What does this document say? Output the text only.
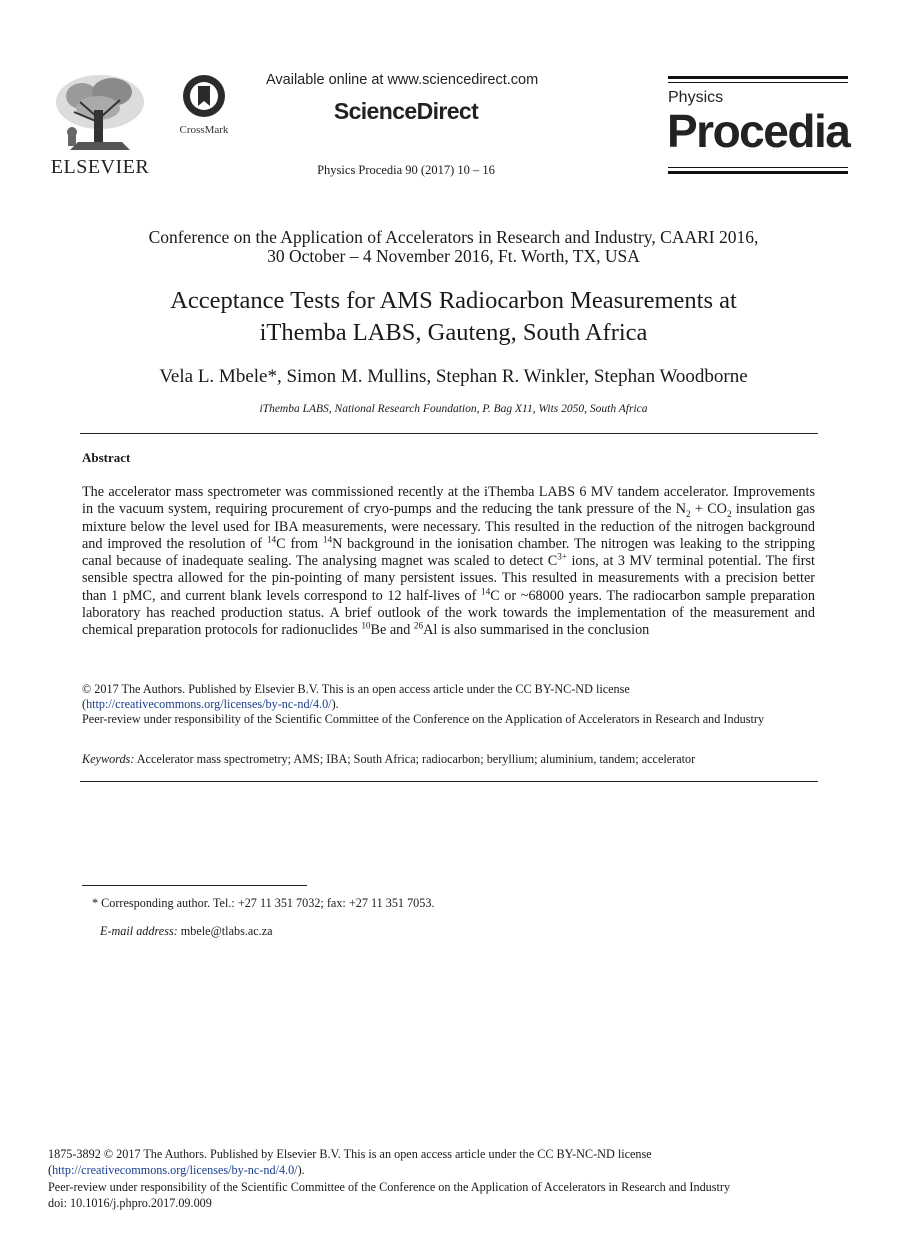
ELSEVIER
CrossMark
Available online at www.sciencedirect.com
ScienceDirect
Physics Procedia 90 (2017) 10 – 16
Physics
Procedia
Conference on the Application of Accelerators in Research and Industry, CAARI 2016,
30 October – 4 November 2016, Ft. Worth, TX, USA
Acceptance Tests for AMS Radiocarbon Measurements at
iThemba LABS, Gauteng, South Africa
Vela L. Mbele*, Simon M. Mullins, Stephan R. Winkler, Stephan Woodborne
iThemba LABS, National Research Foundation, P. Bag X11, Wits 2050, South Africa
Abstract
The accelerator mass spectrometer was commissioned recently at the iThemba LABS 6 MV tandem accelerator. Improvements in the vacuum system, requiring procurement of cryo-pumps and the reducing the tank pressure of the $N_2 + CO_2$ insulation gas mixture below the level used for IBA measurements, were necessary. This resulted in the reduction of the nitrogen background and improved the resolution of $^{14}$C from $^{14}$N background in the ionisation chamber. The nitrogen was leaking to the stripping canal because of inadequate sealing. The analysing magnet was scaled to detect $C^{3+}$ ions, at 3 MV terminal potential. The first sensible spectra allowed for the pin-pointing of many persistent issues. This resulted in measurements with a precision better than 1 pMC, and current blank levels correspond to 12 half-lives of $^{14}$C or ~68000 years. The radiocarbon sample preparation laboratory has reached production status. A brief outlook of the work towards the implementation of the measurement and chemical preparation protocols for radionuclides $^{10}$Be and $^{26}$Al is also summarised in the conclusion
© 2017 The Authors. Published by Elsevier B.V. This is an open access article under the CC BY-NC-ND license
(http://creativecommons.org/licenses/by-nc-nd/4.0/).
Peer-review under responsibility of the Scientific Committee of the Conference on the Application of Accelerators in Research and Industry
Keywords: Accelerator mass spectrometry; AMS; IBA; South Africa; radiocarbon; beryllium; aluminium, tandem; accelerator
* Corresponding author. Tel.: +27 11 351 7032; fax: +27 11 351 7053.
E-mail address: mbele@tlabs.ac.za
1875-3892 © 2017 The Authors. Published by Elsevier B.V. This is an open access article under the CC BY-NC-ND license
(http://creativecommons.org/licenses/by-nc-nd/4.0/).
Peer-review under responsibility of the Scientific Committee of the Conference on the Application of Accelerators in Research and Industry
doi: 10.1016/j.phpro.2017.09.009
